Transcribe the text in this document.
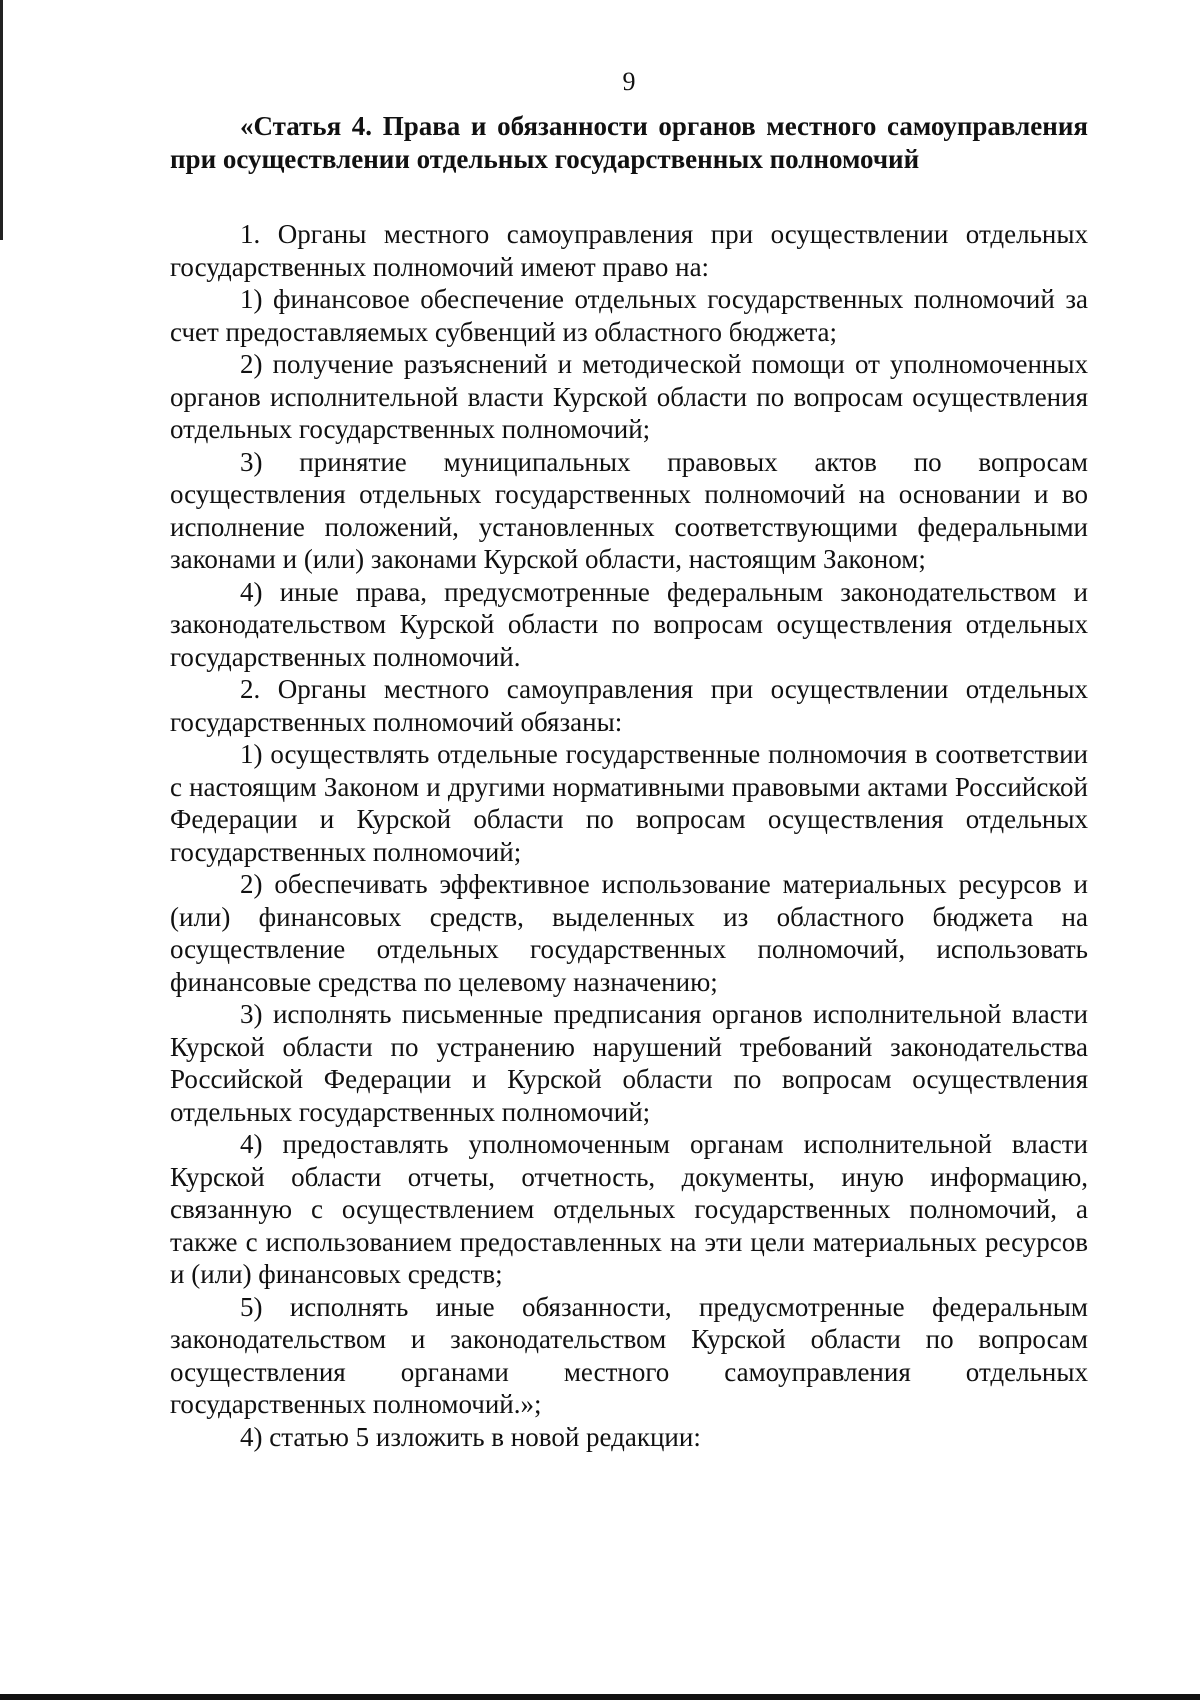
9
«Статья 4. Права и обязанности органов местного самоуправления при осуществлении отдельных государственных полномочий

1. Органы местного самоуправления при осуществлении отдельных государственных полномочий имеют право на:

1) финансовое обеспечение отдельных государственных полномочий за счет предоставляемых субвенций из областного бюджета;

2) получение разъяснений и методической помощи от уполномоченных органов исполнительной власти Курской области по вопросам осуществления отдельных государственных полномочий;

3) принятие муниципальных правовых актов по вопросам осуществления отдельных государственных полномочий на основании и во исполнение положений, установленных соответствующими федеральными законами и (или) законами Курской области, настоящим Законом;

4) иные права, предусмотренные федеральным законодательством и законодательством Курской области по вопросам осуществления отдельных государственных полномочий.

2. Органы местного самоуправления при осуществлении отдельных государственных полномочий обязаны:

1) осуществлять отдельные государственные полномочия в соответствии с настоящим Законом и другими нормативными правовыми актами Российской Федерации и Курской области по вопросам осуществления отдельных государственных полномочий;

2) обеспечивать эффективное использование материальных ресурсов и (или) финансовых средств, выделенных из областного бюджета на осуществление отдельных государственных полномочий, использовать финансовые средства по целевому назначению;

3) исполнять письменные предписания органов исполнительной власти Курской области по устранению нарушений требований законодательства Российской Федерации и Курской области по вопросам осуществления отдельных государственных полномочий;

4) предоставлять уполномоченным органам исполнительной власти Курской области отчеты, отчетность, документы, иную информацию, связанную с осуществлением отдельных государственных полномочий, а также с использованием предоставленных на эти цели материальных ресурсов и (или) финансовых средств;

5) исполнять иные обязанности, предусмотренные федеральным законодательством и законодательством Курской области по вопросам осуществления органами местного самоуправления отдельных государственных полномочий.»;

4) статью 5 изложить в новой редакции:
